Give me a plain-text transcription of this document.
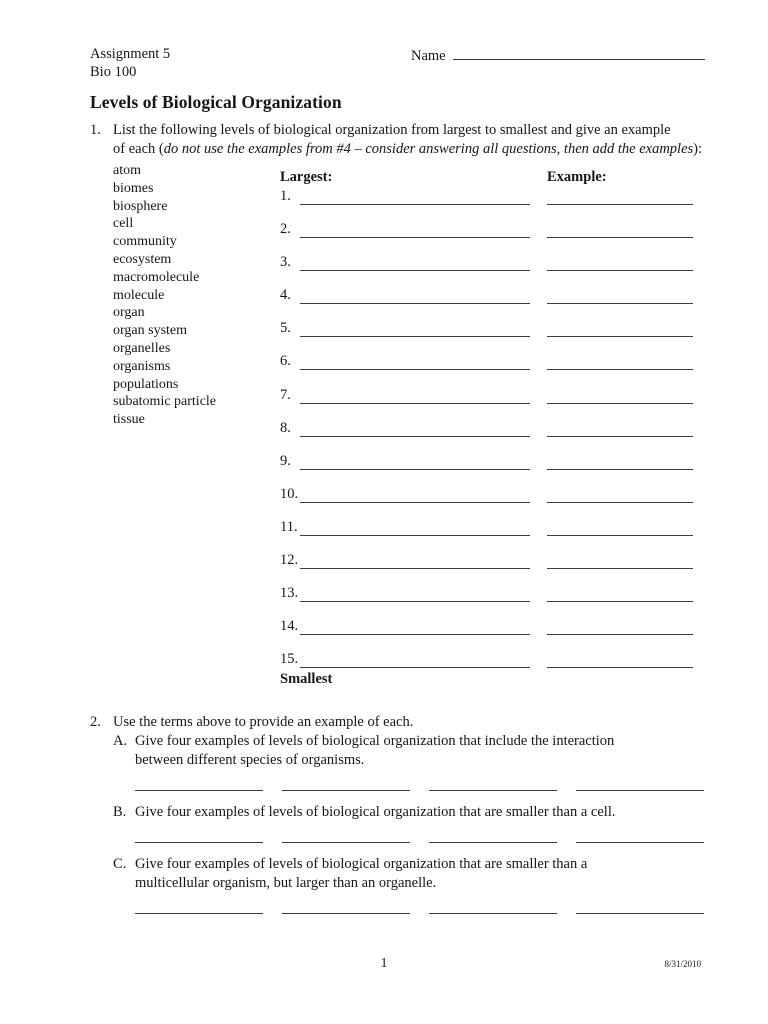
Assignment 5
Bio 100
Name
Levels of Biological Organization
1. List the following levels of biological organization from largest to smallest and give an example
of each (do not use the examples from #4 – consider answering all questions, then add the examples):
atom
biomes
biosphere
cell
community
ecosystem
macromolecule
molecule
organ
organ system
organelles
organisms
populations
subatomic particle
tissue
Largest:	Example:
1.
2.
3.
4.
5.
6.
7.
8.
9.
10.
11.
12.
13.
14.
15.
Smallest
2. Use the terms above to provide an example of each.
A. Give four examples of levels of biological organization that include the interaction
between different species of organisms.
B. Give four examples of levels of biological organization that are smaller than a cell.
C. Give four examples of levels of biological organization that are smaller than a
multicellular organism, but larger than an organelle.
1	8/31/2010
